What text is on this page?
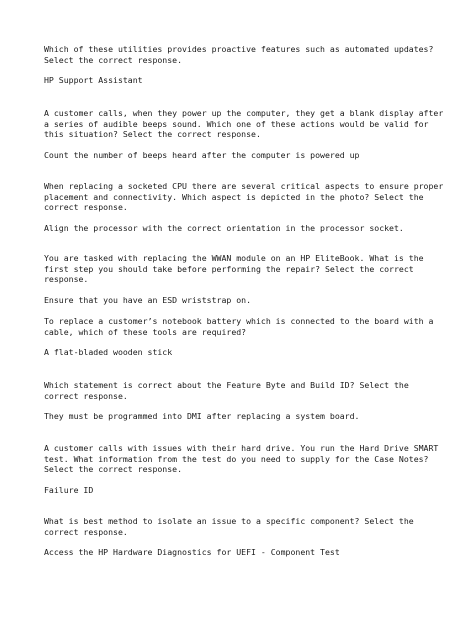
Which of these utilities provides proactive features such as automated updates? Select the correct response.

HP Support Assistant

A customer calls, when they power up the computer, they get a blank display after a series of audible beeps sound. Which one of these actions would be valid for this situation? Select the correct response.

Count the number of beeps heard after the computer is powered up

When replacing a socketed CPU there are several critical aspects to ensure proper placement and connectivity. Which aspect is depicted in the photo? Select the correct response.

Align the processor with the correct orientation in the processor socket.

You are tasked with replacing the WWAN module on an HP EliteBook. What is the first step you should take before performing the repair? Select the correct response.

Ensure that you have an ESD wriststrap on.

To replace a customer’s notebook battery which is connected to the board with a cable, which of these tools are required?

A flat-bladed wooden stick

Which statement is correct about the Feature Byte and Build ID? Select the correct response.

They must be programmed into DMI after replacing a system board.

A customer calls with issues with their hard drive. You run the Hard Drive SMART test. What information from the test do you need to supply for the Case Notes? Select the correct response.

Failure ID

What is best method to isolate an issue to a specific component? Select the correct response.

Access the HP Hardware Diagnostics for UEFI - Component Test
